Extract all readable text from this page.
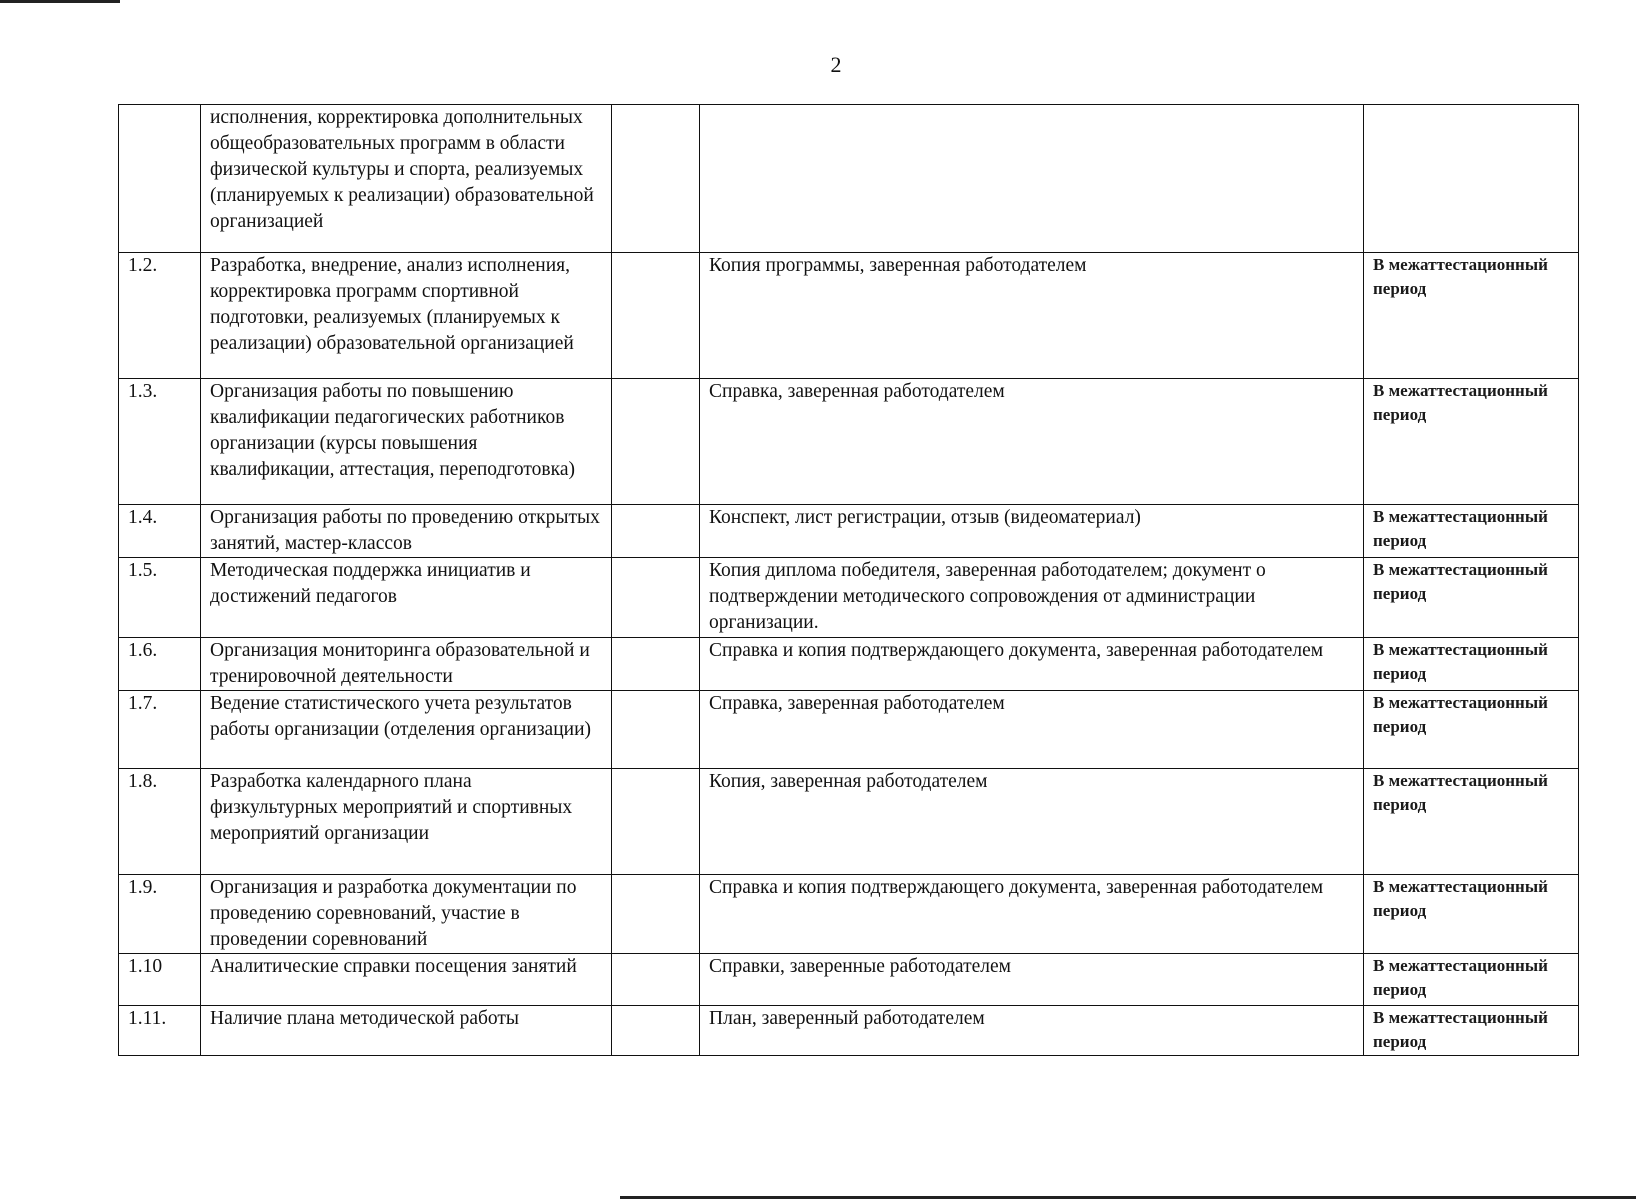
2
	исполнения, корректировка дополнительных общеобразовательных программ в области физической культуры и спорта, реализуемых (планируемых к реализации) образовательной организацией			
1.2.	Разработка, внедрение, анализ исполнения, корректировка программ спортивной подготовки, реализуемых (планируемых к реализации) образовательной организацией		Копия программы, заверенная работодателем	В межаттестационный период
1.3.	Организация работы по повышению квалификации педагогических работников организации (курсы повышения квалификации, аттестация, переподготовка)		Справка, заверенная работодателем	В межаттестационный период
1.4.	Организация работы по проведению открытых занятий, мастер-классов		Конспект, лист регистрации, отзыв (видеоматериал)	В межаттестационный период
1.5.	Методическая поддержка инициатив и достижений педагогов		Копия диплома победителя, заверенная работодателем; документ о подтверждении методического сопровождения от администрации организации.	В межаттестационный период
1.6.	Организация мониторинга образовательной и тренировочной деятельности		Справка и копия подтверждающего документа, заверенная работодателем	В межаттестационный период
1.7.	Ведение статистического учета результатов работы организации (отделения организации)		Справка, заверенная работодателем	В межаттестационный период
1.8.	Разработка календарного плана физкультурных мероприятий и спортивных мероприятий организации		Копия, заверенная работодателем	В межаттестационный период
1.9.	Организация и разработка документации по проведению соревнований, участие в проведении соревнований		Справка и копия подтверждающего документа, заверенная работодателем	В межаттестационный период
1.10	Аналитические справки посещения занятий		Справки, заверенные работодателем	В межаттестационный период
1.11.	Наличие плана методической работы		План, заверенный работодателем	В межаттестационный период
